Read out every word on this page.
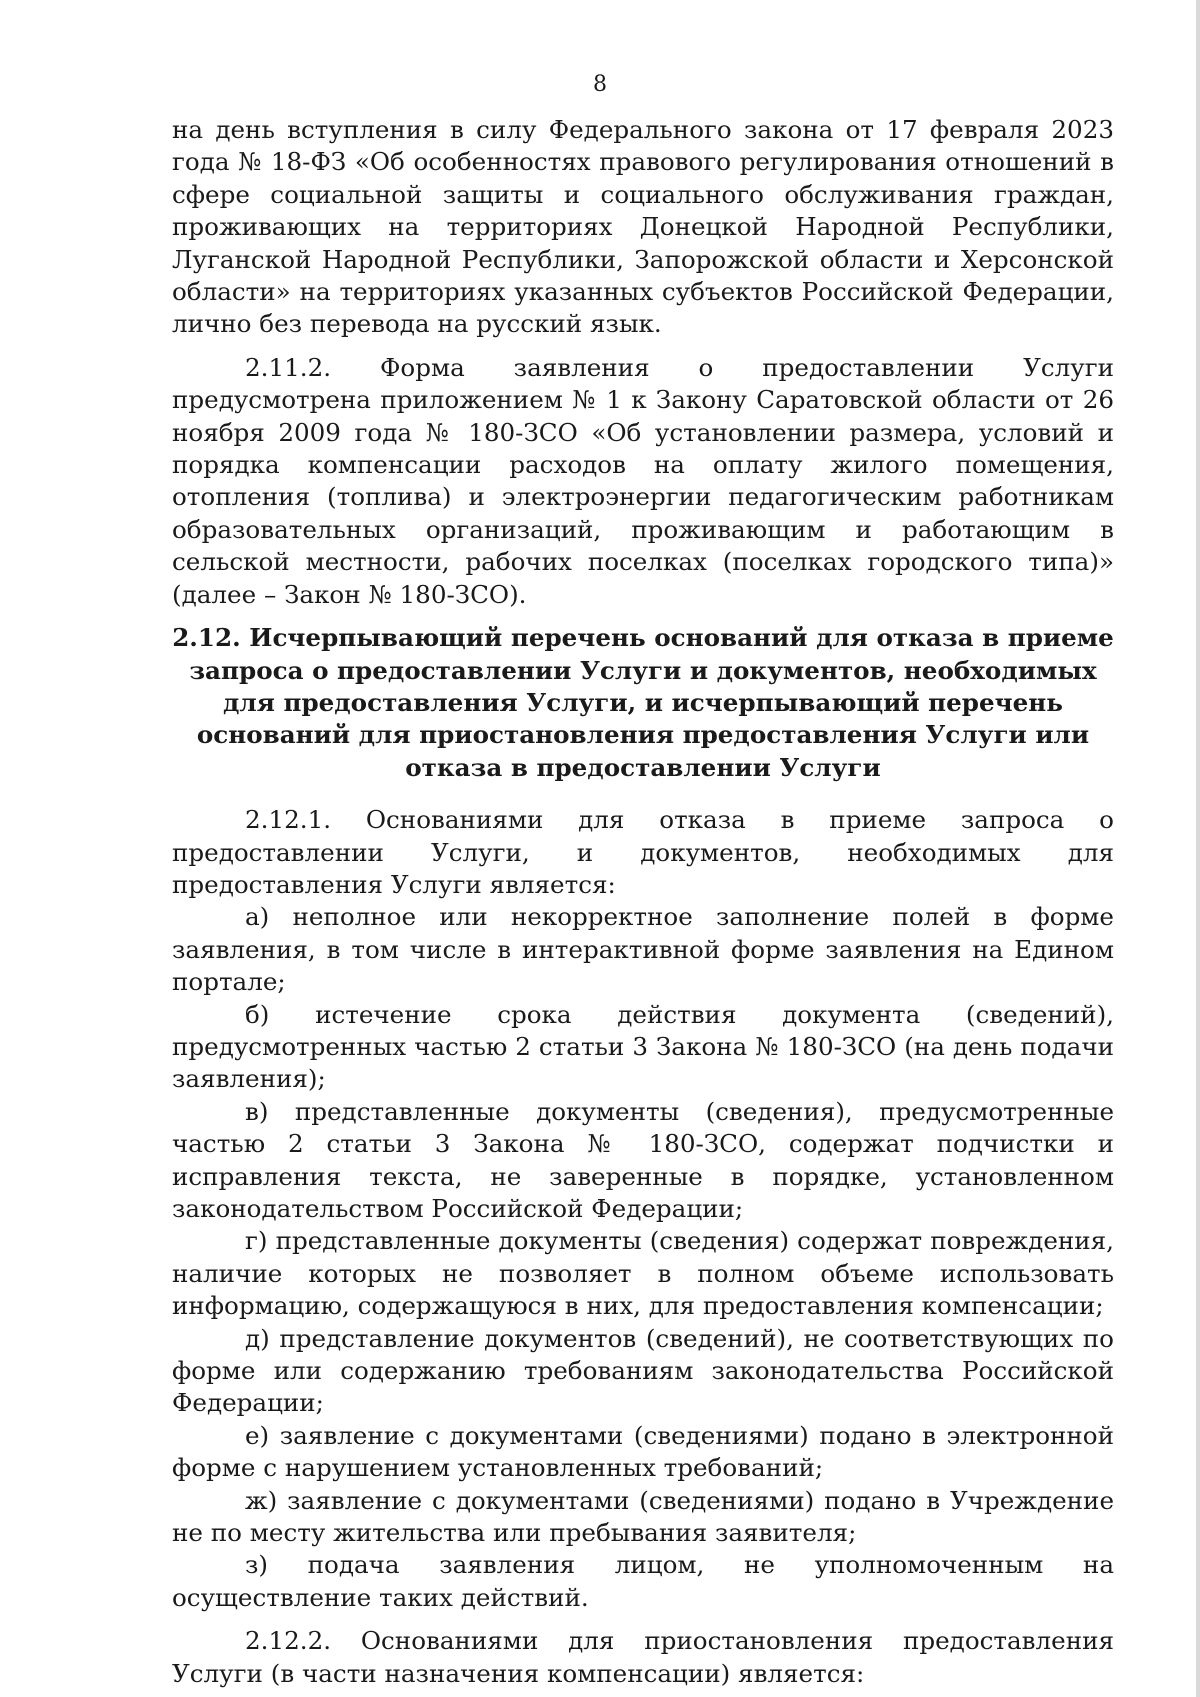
8

на день вступления в силу Федерального закона от 17 февраля 2023 года № 18-ФЗ «Об особенностях правового регулирования отношений в сфере социальной защиты и социального обслуживания граждан, проживающих на территориях Донецкой Народной Республики, Луганской Народной Республики, Запорожской области и Херсонской области» на территориях указанных субъектов Российской Федерации, лично без перевода на русский язык.

2.11.2. Форма заявления о предоставлении Услуги предусмотрена приложением № 1 к Закону Саратовской области от 26 ноября 2009 года № 180-ЗСО «Об установлении размера, условий и порядка компенсации расходов на оплату жилого помещения, отопления (топлива) и электроэнергии педагогическим работникам образовательных организаций, проживающим и работающим в сельской местности, рабочих поселках (поселках городского типа)» (далее – Закон № 180-ЗСО).

2.12. Исчерпывающий перечень оснований для отказа в приеме запроса о предоставлении Услуги и документов, необходимых для предоставления Услуги, и исчерпывающий перечень оснований для приостановления предоставления Услуги или отказа в предоставлении Услуги

2.12.1. Основаниями для отказа в приеме запроса о предоставлении Услуги, и документов, необходимых для предоставления Услуги является:

а) неполное или некорректное заполнение полей в форме заявления, в том числе в интерактивной форме заявления на Едином портале;

б) истечение срока действия документа (сведений), предусмотренных частью 2 статьи 3 Закона № 180-ЗСО (на день подачи заявления);

в) представленные документы (сведения), предусмотренные частью 2 статьи 3 Закона № 180-ЗСО, содержат подчистки и исправления текста, не заверенные в порядке, установленном законодательством Российской Федерации;

г) представленные документы (сведения) содержат повреждения, наличие которых не позволяет в полном объеме использовать информацию, содержащуюся в них, для предоставления компенсации;

д) представление документов (сведений), не соответствующих по форме или содержанию требованиям законодательства Российской Федерации;

е) заявление с документами (сведениями) подано в электронной форме с нарушением установленных требований;

ж) заявление с документами (сведениями) подано в Учреждение не по месту жительства или пребывания заявителя;

з) подача заявления лицом, не уполномоченным на осуществление таких действий.

2.12.2. Основаниями для приостановления предоставления Услуги (в части назначения компенсации) является:
